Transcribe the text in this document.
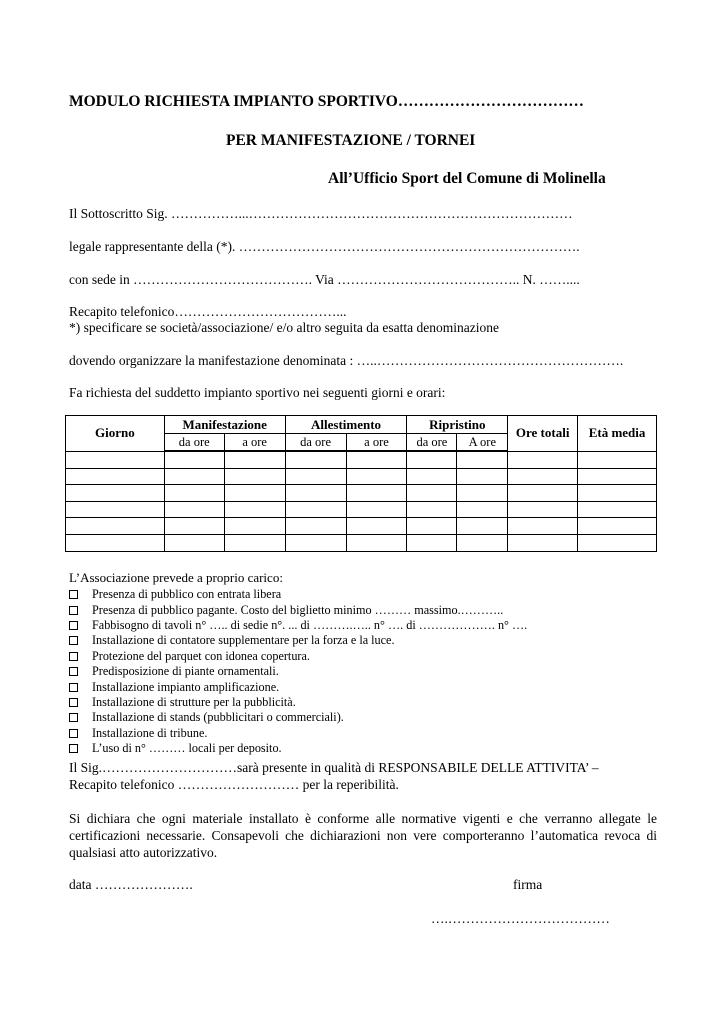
MODULO RICHIESTA IMPIANTO SPORTIVO………………………………
PER MANIFESTAZIONE / TORNEI
All’Ufficio Sport del Comune di Molinella
Il Sottoscritto Sig. ……………...………………………………………………………………
legale rappresentante della (*). ………………………………………………………………….
con sede in …………………………………. Via ………………………………….. N. ……....
Recapito telefonico………………………………...
*) specificare se società/associazione/ e/o altro seguita da esatta denominazione
dovendo organizzare la manifestazione denominata : …..……………………………………………….
Fa richiesta del suddetto impianto sportivo nei seguenti giorni e orari:
Giorno	Manifestazione		Allestimento		Ripristino		Ore totali	Età media
	da ore	a ore	da ore	a ore	da ore	A ore		

L’Associazione prevede a proprio carico:
Presenza di pubblico con entrata libera
Presenza di pubblico pagante. Costo del biglietto minimo ……… massimo.………..
Fabbisogno di tavoli n° ….. di sedie n°. ... di ……….….. n° …. di ………………. n° ….
Installazione di contatore supplementare per la forza e la luce.
Protezione del parquet con idonea copertura.
Predisposizione di piante ornamentali.
Installazione impianto amplificazione.
Installazione di strutture per la pubblicità.
Installazione di stands (pubblicitari o commerciali).
Installazione di tribune.
L’uso di n° ……… locali per deposito.
Il Sig.…………………………sarà presente in qualità di RESPONSABILE DELLE ATTIVITA’ –
Recapito telefonico ……………………… per la reperibilità.
Si dichiara che ogni materiale installato è conforme alle normative vigenti e che verranno allegate le certificazioni necessarie. Consapevoli che dichiarazioni non vere comporteranno l’automatica revoca di qualsiasi atto autorizzativo.
data ………………….	firma
….………………………………
